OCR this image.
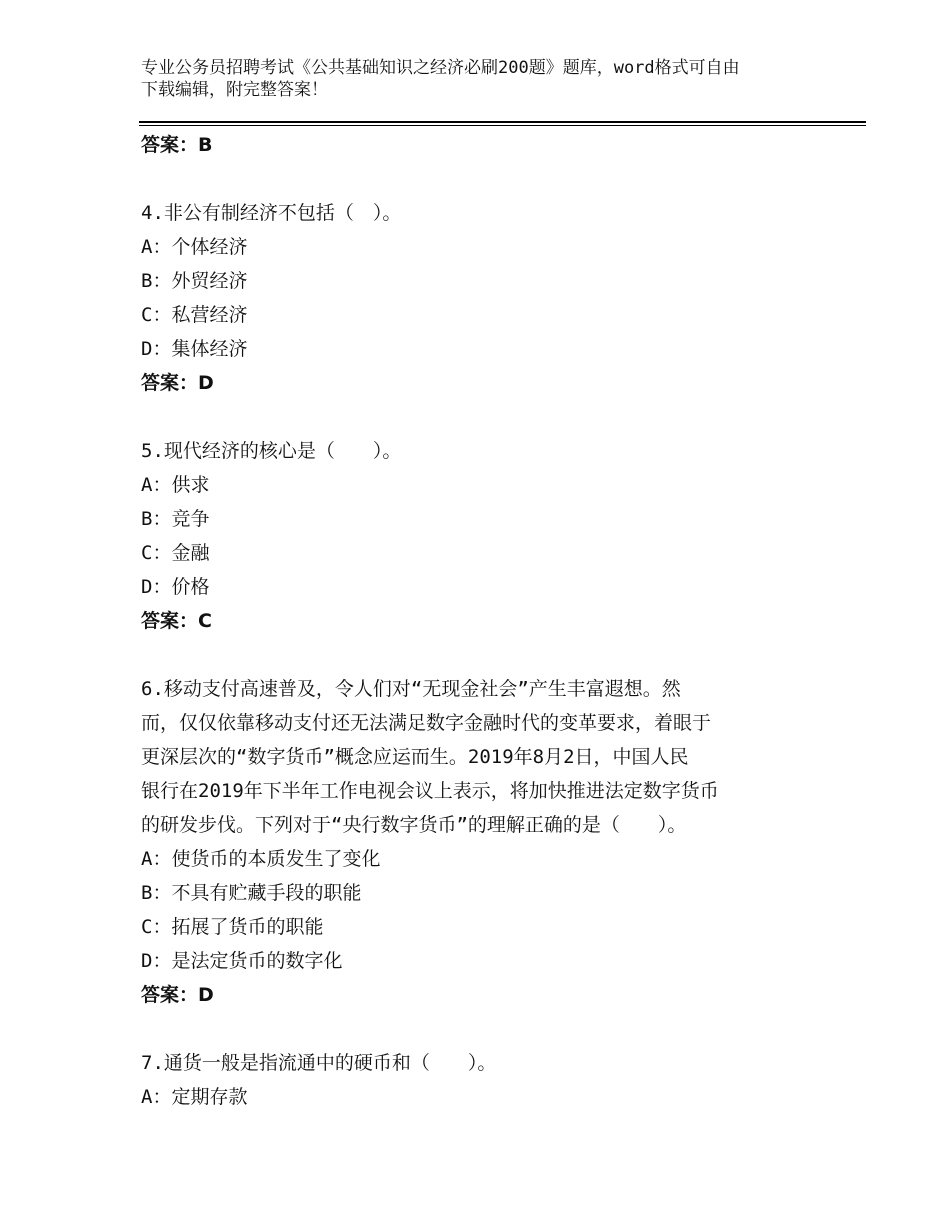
专业公务员招聘考试《公共基础知识之经济必刷200题》题库，word格式可自由
下载编辑，附完整答案！
答案：B
4.非公有制经济不包括（　）。
A：个体经济
B：外贸经济
C：私营经济
D：集体经济
答案：D
5.现代经济的核心是（　　）。
A：供求
B：竞争
C：金融
D：价格
答案：C
6.移动支付高速普及，令人们对“无现金社会”产生丰富遐想。然
而，仅仅依靠移动支付还无法满足数字金融时代的变革要求，着眼于
更深层次的“数字货币”概念应运而生。2019年8月2日，中国人民
银行在2019年下半年工作电视会议上表示，将加快推进法定数字货币
的研发步伐。下列对于“央行数字货币”的理解正确的是（　　）。
A：使货币的本质发生了变化
B：不具有贮藏手段的职能
C：拓展了货币的职能
D：是法定货币的数字化
答案：D
7.通货一般是指流通中的硬币和（　　）。
A：定期存款
